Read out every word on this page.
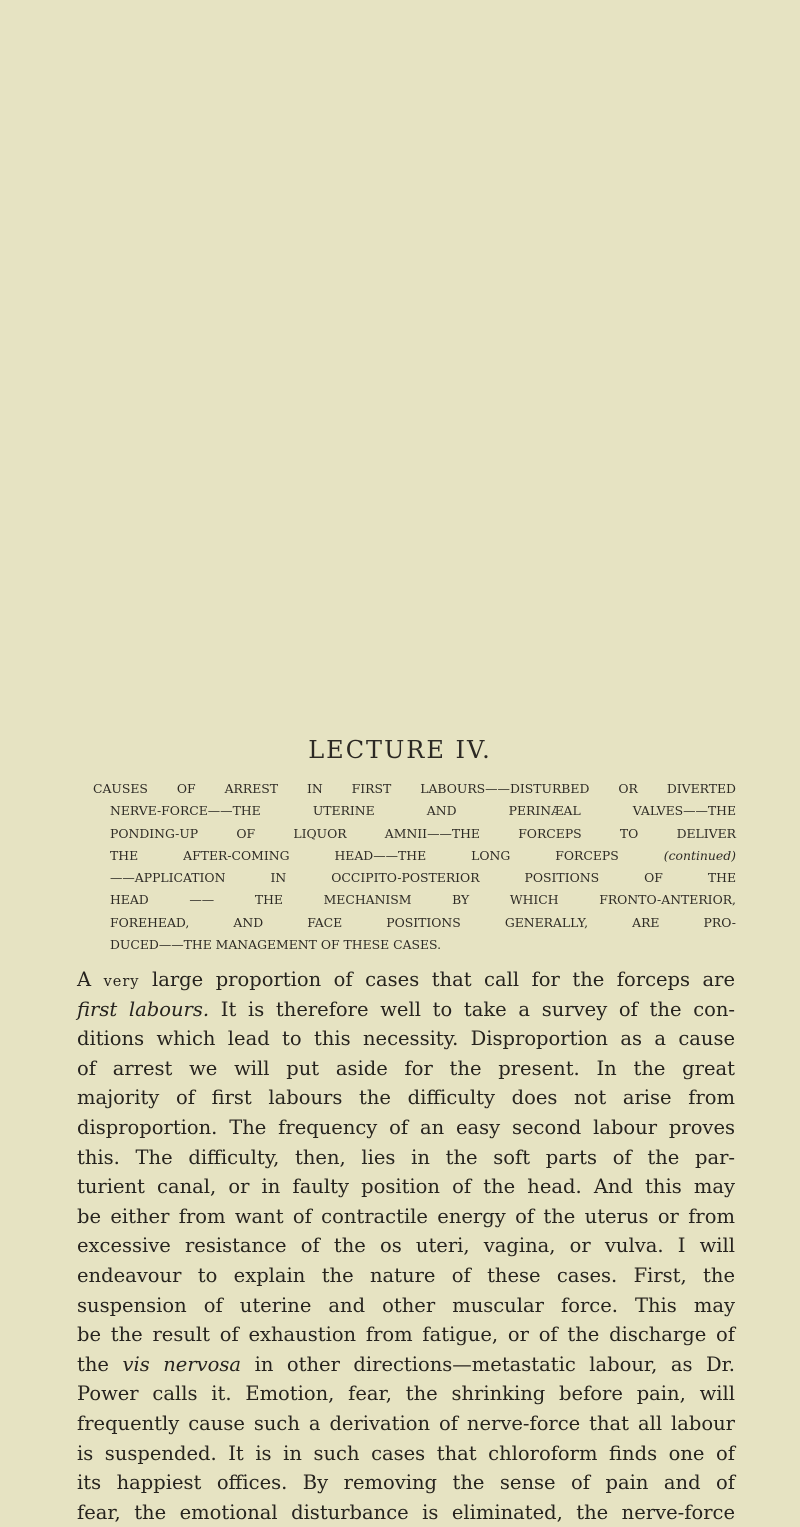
LECTURE IV.
CAUSES OF ARREST IN FIRST LABOURS——DISTURBED OR DIVERTED
NERVE-FORCE——THE UTERINE AND PERINÆAL VALVES——THE
PONDING-UP OF LIQUOR AMNII——THE FORCEPS TO DELIVER
THE AFTER-COMING HEAD——THE LONG FORCEPS (continued)
——APPLICATION IN OCCIPITO-POSTERIOR POSITIONS OF THE
HEAD —— THE MECHANISM BY WHICH FRONTO-ANTERIOR,
FOREHEAD, AND FACE POSITIONS GENERALLY, ARE PRO-
DUCED——THE MANAGEMENT OF THESE CASES.
A very large proportion of cases that call for the forceps are
first labours. It is therefore well to take a survey of the con-
ditions which lead to this necessity. Disproportion as a cause
of arrest we will put aside for the present. In the great
majority of first labours the difficulty does not arise from
disproportion. The frequency of an easy second labour proves
this. The difficulty, then, lies in the soft parts of the par-
turient canal, or in faulty position of the head. And this may
be either from want of contractile energy of the uterus or from
excessive resistance of the os uteri, vagina, or vulva. I will
endeavour to explain the nature of these cases. First, the
suspension of uterine and other muscular force. This may
be the result of exhaustion from fatigue, or of the discharge of
the vis nervosa in other directions—metastatic labour, as Dr.
Power calls it. Emotion, fear, the shrinking before pain, will
frequently cause such a derivation of nerve-force that all labour
is suspended. It is in such cases that chloroform finds one of
its happiest offices. By removing the sense of pain and of
fear, the emotional disturbance is eliminated, the nerve-force
